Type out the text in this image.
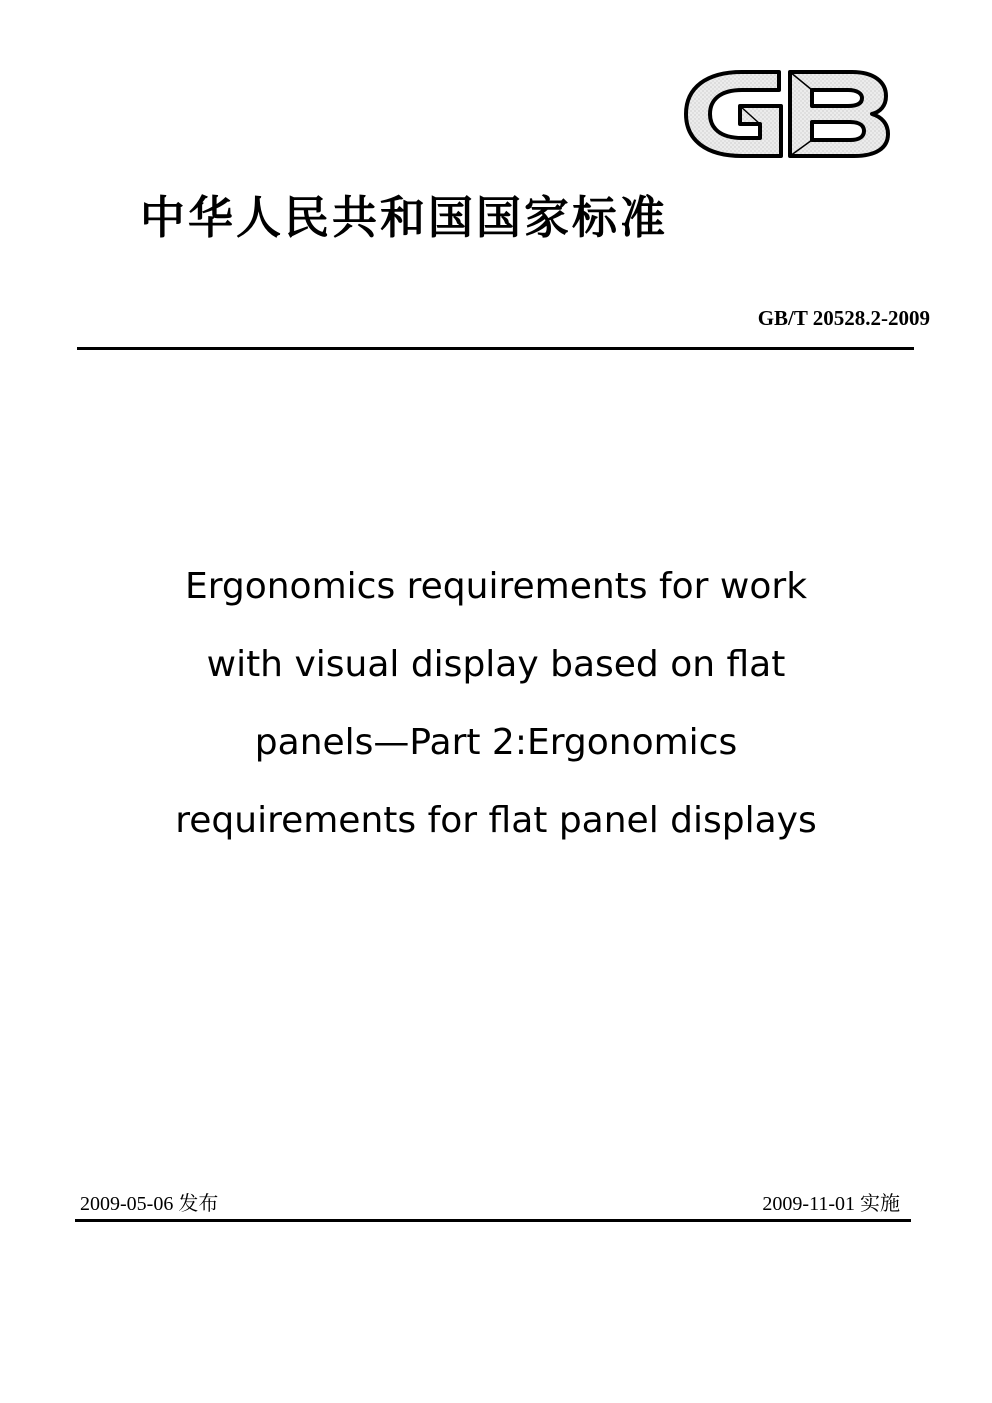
中华人民共和国国家标准
GB/T 20528.2-2009
Ergonomics requirements for work
with visual display based on flat
panels—Part 2:Ergonomics
requirements for flat panel displays
2009-05-06 发布	2009-11-01 实施
